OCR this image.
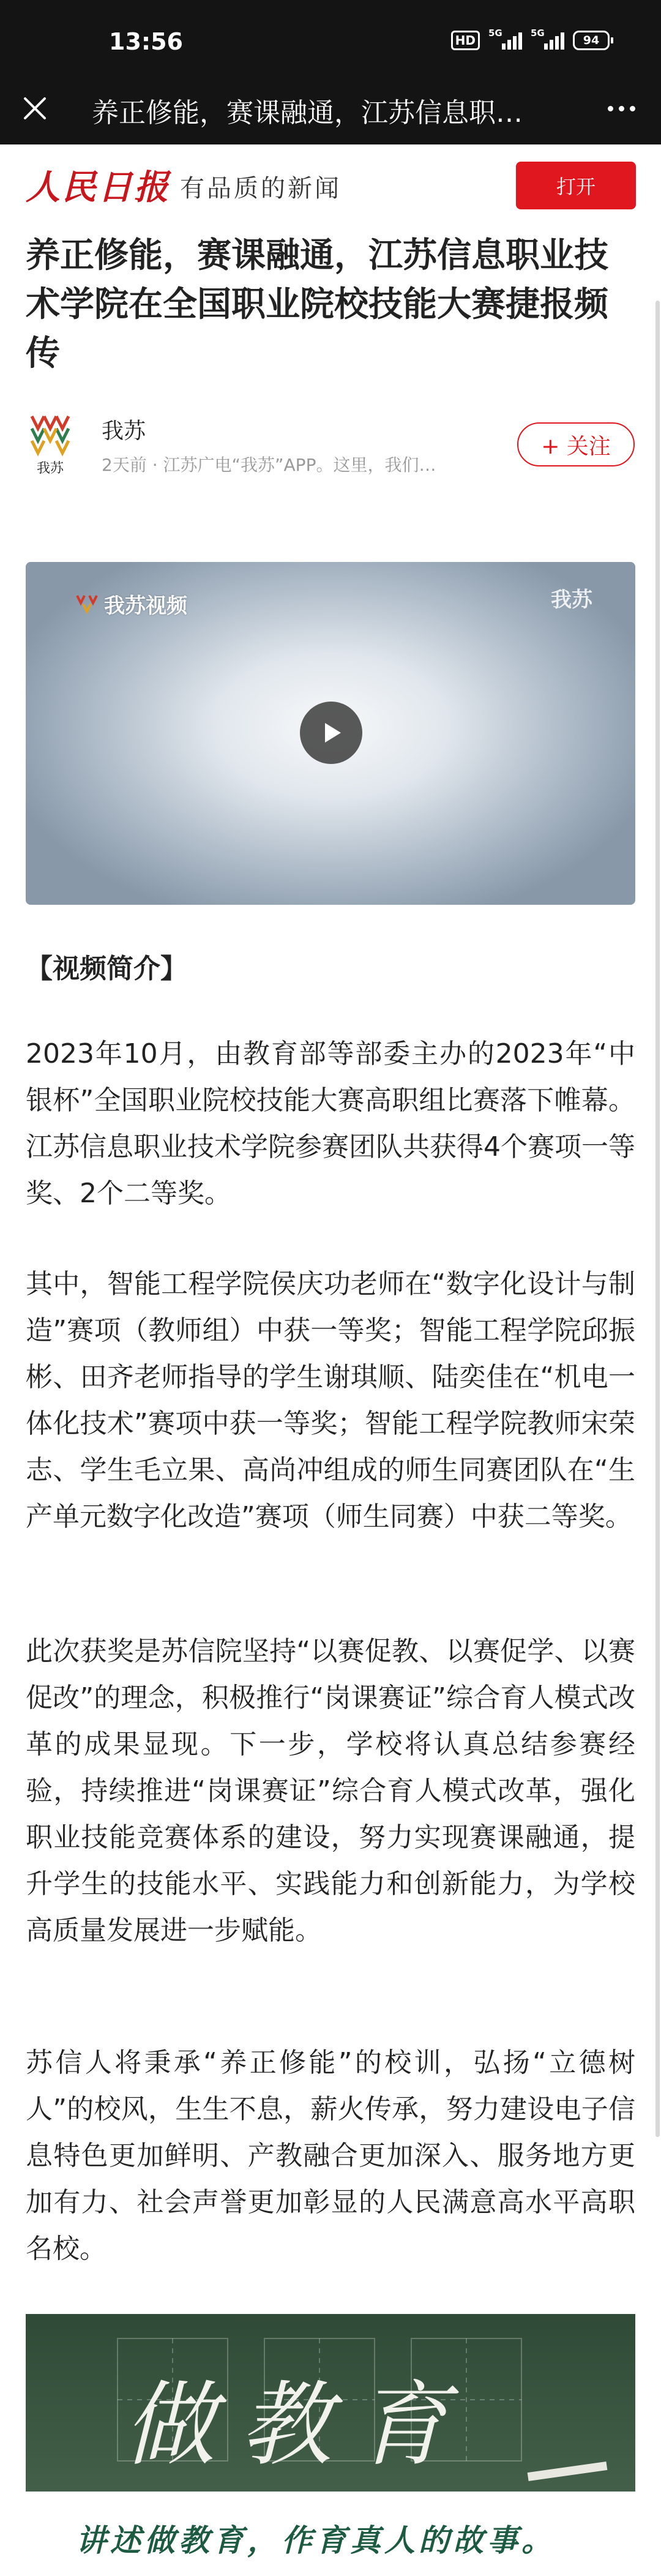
13:56	HD	5G	5G
94
养正修能，赛课融通，江苏信息职…
人民日报 有品质的新闻	打开
养正修能，赛课融通，江苏信息职业技术学院在全国职业院校技能大赛捷报频传
我苏
我苏
2天前 · 江苏广电“我苏”APP。这里，我们…
+ 关注
我苏视频	我苏
【视频简介】

2023年10月，由教育部等部委主办的2023年“中银杯”全国职业院校技能大赛高职组比赛落下帷幕。江苏信息职业技术学院参赛团队共获得4个赛项一等奖、2个二等奖。

其中，智能工程学院侯庆功老师在“数字化设计与制造”赛项（教师组）中获一等奖；智能工程学院邱振彬、田齐老师指导的学生谢琪顺、陆奕佳在“机电一体化技术”赛项中获一等奖；智能工程学院教师宋荣志、学生毛立果、高尚冲组成的师生同赛团队在“生产单元数字化改造”赛项（师生同赛）中获二等奖。

此次获奖是苏信院坚持“以赛促教、以赛促学、以赛促改”的理念，积极推行“岗课赛证”综合育人模式改革的成果显现。下一步，学校将认真总结参赛经验，持续推进“岗课赛证”综合育人模式改革，强化职业技能竞赛体系的建设，努力实现赛课融通，提升学生的技能水平、实践能力和创新能力，为学校高质量发展进一步赋能。

苏信人将秉承“养正修能”的校训，弘扬“立德树人”的校风，生生不息，薪火传承，努力建设电子信息特色更加鲜明、产教融合更加深入、服务地方更加有力、社会声誉更加彰显的人民满意高水平高职名校。

做教育
讲述做教育，作育真人的故事。
